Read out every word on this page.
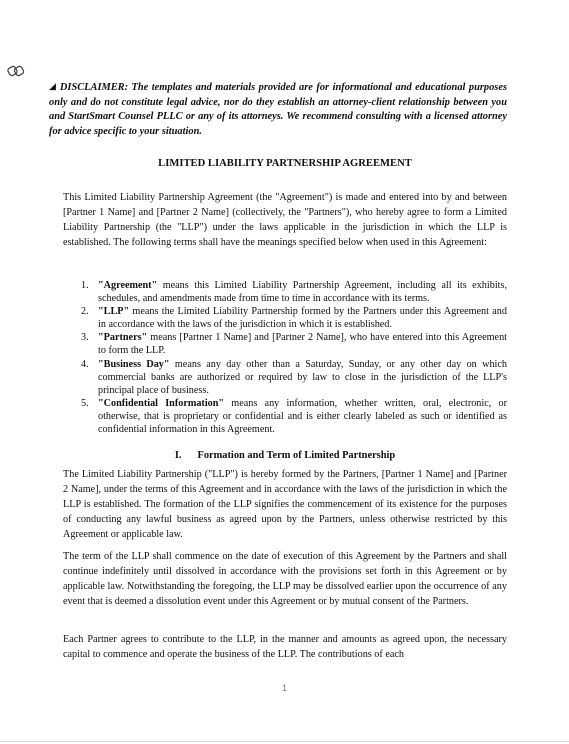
◢ DISCLAIMER: The templates and materials provided are for informational and educational purposes only and do not constitute legal advice, nor do they establish an attorney-client relationship between you and StartSmart Counsel PLLC or any of its attorneys. We recommend consulting with a licensed attorney for advice specific to your situation.
LIMITED LIABILITY PARTNERSHIP AGREEMENT
This Limited Liability Partnership Agreement (the "Agreement") is made and entered into by and between [Partner 1 Name] and [Partner 2 Name] (collectively, the "Partners"), who hereby agree to form a Limited Liability Partnership (the "LLP") under the laws applicable in the jurisdiction in which the LLP is established. The following terms shall have the meanings specified below when used in this Agreement:
1. "Agreement" means this Limited Liability Partnership Agreement, including all its exhibits, schedules, and amendments made from time to time in accordance with its terms.
2. "LLP" means the Limited Liability Partnership formed by the Partners under this Agreement and in accordance with the laws of the jurisdiction in which it is established.
3. "Partners" means [Partner 1 Name] and [Partner 2 Name], who have entered into this Agreement to form the LLP.
4. "Business Day" means any day other than a Saturday, Sunday, or any other day on which commercial banks are authorized or required by law to close in the jurisdiction of the LLP's principal place of business.
5. "Confidential Information" means any information, whether written, oral, electronic, or otherwise, that is proprietary or confidential and is either clearly labeled as such or identified as confidential information in this Agreement.
I. Formation and Term of Limited Partnership
The Limited Liability Partnership ("LLP") is hereby formed by the Partners, [Partner 1 Name] and [Partner 2 Name], under the terms of this Agreement and in accordance with the laws of the jurisdiction in which the LLP is established. The formation of the LLP signifies the commencement of its existence for the purposes of conducting any lawful business as agreed upon by the Partners, unless otherwise restricted by this Agreement or applicable law.
The term of the LLP shall commence on the date of execution of this Agreement by the Partners and shall continue indefinitely until dissolved in accordance with the provisions set forth in this Agreement or by applicable law. Notwithstanding the foregoing, the LLP may be dissolved earlier upon the occurrence of any event that is deemed a dissolution event under this Agreement or by mutual consent of the Partners.
Each Partner agrees to contribute to the LLP, in the manner and amounts as agreed upon, the necessary capital to commence and operate the business of the LLP. The contributions of each
1
